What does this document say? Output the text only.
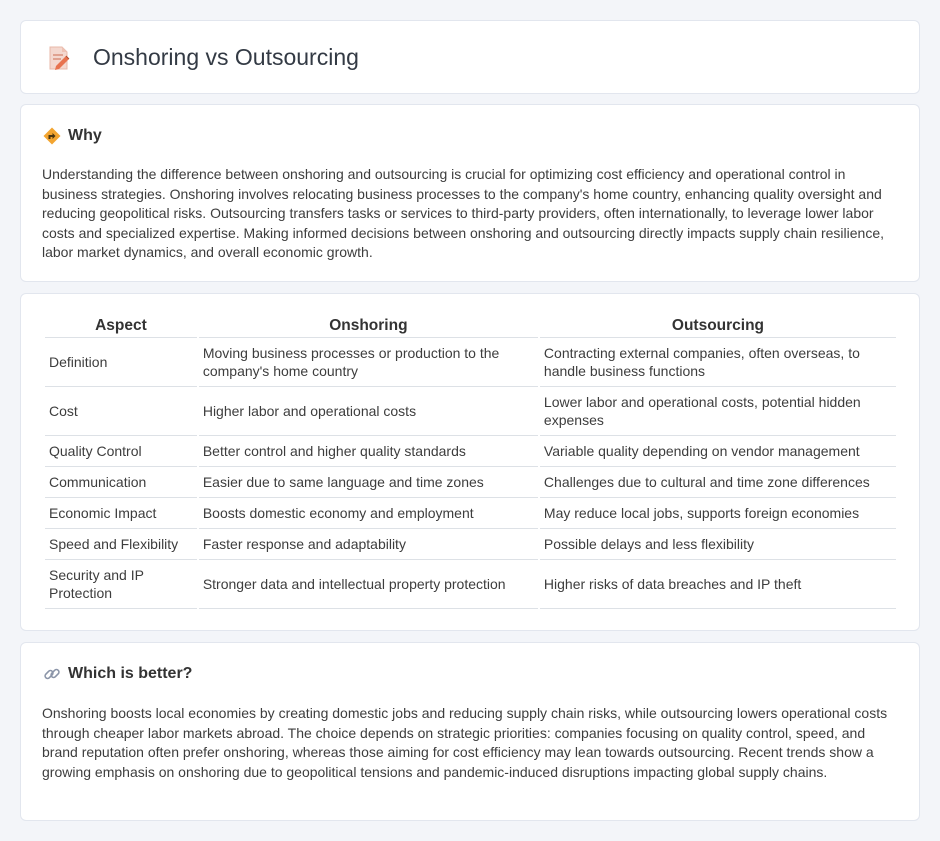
Onshoring vs Outsourcing
Why

Understanding the difference between onshoring and outsourcing is crucial for optimizing cost efficiency and operational control in business strategies. Onshoring involves relocating business processes to the company's home country, enhancing quality oversight and reducing geopolitical risks. Outsourcing transfers tasks or services to third-party providers, often internationally, to leverage lower labor costs and specialized expertise. Making informed decisions between onshoring and outsourcing directly impacts supply chain resilience, labor market dynamics, and overall economic growth.

Aspect	Onshoring	Outsourcing
Definition	Moving business processes or production to the company's home country	Contracting external companies, often overseas, to handle business functions
Cost	Higher labor and operational costs	Lower labor and operational costs, potential hidden expenses
Quality Control	Better control and higher quality standards	Variable quality depending on vendor management
Communication	Easier due to same language and time zones	Challenges due to cultural and time zone differences
Economic Impact	Boosts domestic economy and employment	May reduce local jobs, supports foreign economies
Speed and Flexibility	Faster response and adaptability	Possible delays and less flexibility
Security and IP Protection	Stronger data and intellectual property protection	Higher risks of data breaches and IP theft
Which is better?

Onshoring boosts local economies by creating domestic jobs and reducing supply chain risks, while outsourcing lowers operational costs through cheaper labor markets abroad. The choice depends on strategic priorities: companies focusing on quality control, speed, and brand reputation often prefer onshoring, whereas those aiming for cost efficiency may lean towards outsourcing. Recent trends show a growing emphasis on onshoring due to geopolitical tensions and pandemic-induced disruptions impacting global supply chains.
